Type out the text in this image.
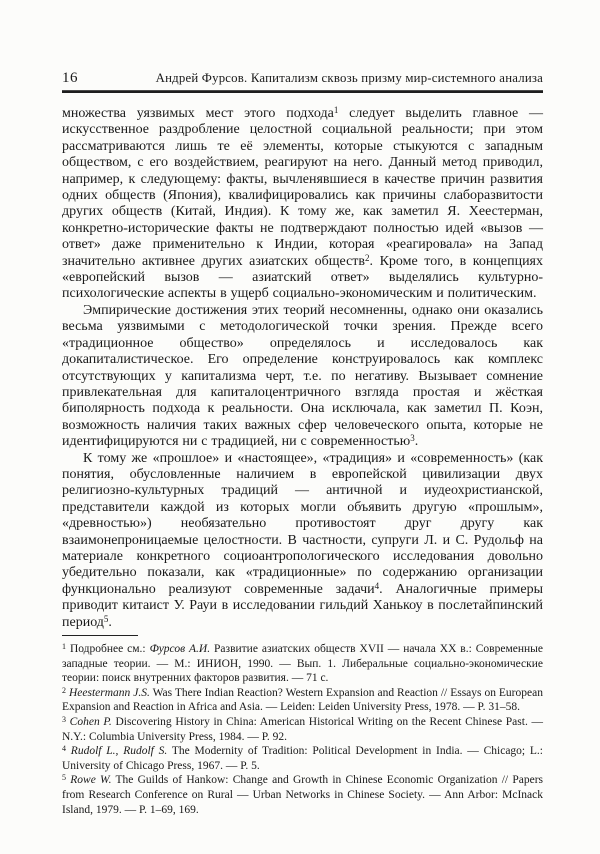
16	Андрей Фурсов. Капитализм сквозь призму мир-системного анализа

множества уязвимых мест этого подхода$^1$ следует выделить главное — искусственное раздробление целостной социальной реальности; при этом рассматриваются лишь те её элементы, которые стыкуются с западным обществом, с его воздействием, реагируют на него. Данный метод приводил, например, к следующему: факты, вычленявшиеся в качестве причин развития одних обществ (Япония), квалифицировались как причины слаборазвитости других обществ (Китай, Индия). К тому же, как заметил Я. Хеестерман, конкретно-исторические факты не подтверждают полностью идей «вызов — ответ» даже применительно к Индии, которая «реагировала» на Запад значительно активнее других азиатских обществ$^2$. Кроме того, в концепциях «европейский вызов — азиатский ответ» выделялись культурно-психологические аспекты в ущерб социально-экономическим и политическим.

Эмпирические достижения этих теорий несомненны, однако они оказались весьма уязвимыми с методологической точки зрения. Прежде всего «традиционное общество» определялось и исследовалось как докапиталистическое. Его определение конструировалось как комплекс отсутствующих у капитализма черт, т.е. по негативу. Вызывает сомнение привлекательная для капиталоцентричного взгляда простая и жёсткая биполярность подхода к реальности. Она исключала, как заметил П. Коэн, возможность наличия таких важных сфер человеческого опыта, которые не идентифицируются ни с традицией, ни с современностью$^3$.

К тому же «прошлое» и «настоящее», «традиция» и «современность» (как понятия, обусловленные наличием в европейской цивилизации двух религиозно-культурных традиций — античной и иудеохристианской, представители каждой из которых могли объявить другую «прошлым», «древностью») необязательно противостоят друг другу как взаимонепроницаемые целостности. В частности, супруги Л. и С. Рудольф на материале конкретного социоантропологического исследования довольно убедительно показали, как «традиционные» по содержанию организации функционально реализуют современные задачи$^4$. Аналогичные примеры приводит китаист У. Рауи в исследовании гильдий Ханькоу в послетайпинский период$^5$.

$^1$ Подробнее см.: Фурсов А.И. Развитие азиатских обществ XVII — начала XX в.: Современные западные теории. — М.: ИНИОН, 1990. — Вып. 1. Либеральные социально-экономические теории: поиск внутренних факторов развития. — 71 с.

$^2$ Heestermann J.S. Was There Indian Reaction? Western Expansion and Reaction // Essays on European Expansion and Reaction in Africa and Asia. — Leiden: Leiden University Press, 1978. — P. 31–58.

$^3$ Cohen P. Discovering History in China: American Historical Writing on the Recent Chinese Past. — N.Y.: Columbia University Press, 1984. — P. 92.

$^4$ Rudolf L., Rudolf S. The Modernity of Tradition: Political Development in India. — Chicago; L.: University of Chicago Press, 1967. — P. 5.

$^5$ Rowe W. The Guilds of Hankow: Change and Growth in Chinese Economic Organization // Papers from Research Conference on Rural — Urban Networks in Chinese Society. — Ann Arbor: McInack Island, 1979. — P. 1–69, 169.
